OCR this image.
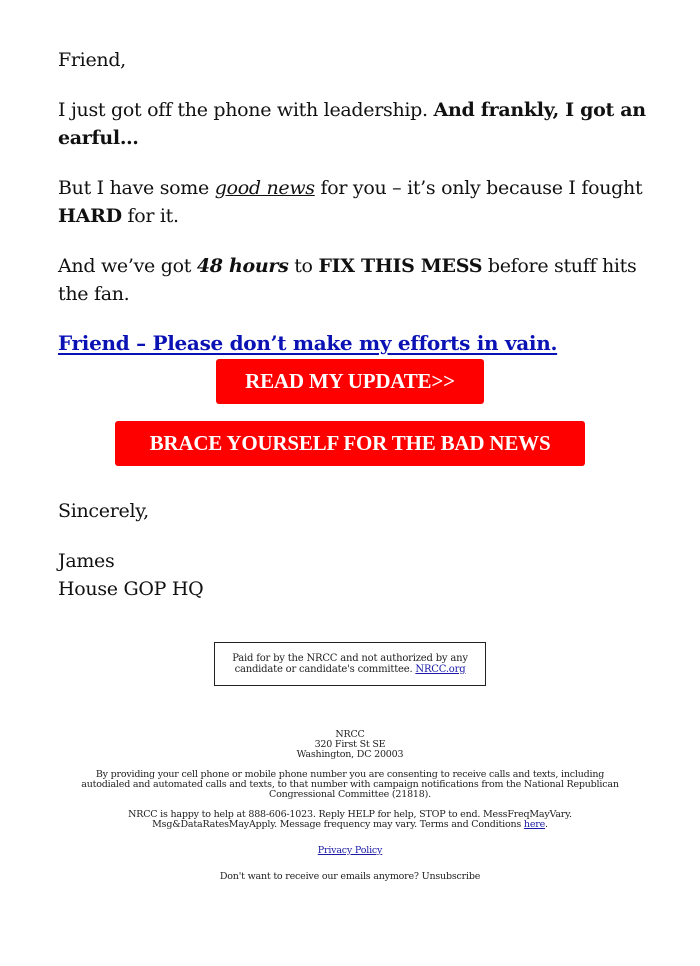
Friend,

I just got off the phone with leadership. And frankly, I got an earful…

But I have some good news for you – it’s only because I fought HARD for it.

And we’ve got 48 hours to FIX THIS MESS before stuff hits the fan.

Friend – Please don’t make my efforts in vain.
READ MY UPDATE>>
BRACE YOURSELF FOR THE BAD NEWS
Sincerely,
James
House GOP HQ
Paid for by the NRCC and not authorized by any candidate or candidate's committee. NRCC.org
NRCC
320 First St SE
Washington, DC 20003

By providing your cell phone or mobile phone number you are consenting to receive calls and texts, including autodialed and automated calls and texts, to that number with campaign notifications from the National Republican Congressional Committee (21818).

NRCC is happy to help at 888-606-1023. Reply HELP for help, STOP to end. MessFreqMayVary. Msg&DataRatesMayApply. Message frequency may vary. Terms and Conditions here.

Privacy Policy

Don't want to receive our emails anymore? Unsubscribe
